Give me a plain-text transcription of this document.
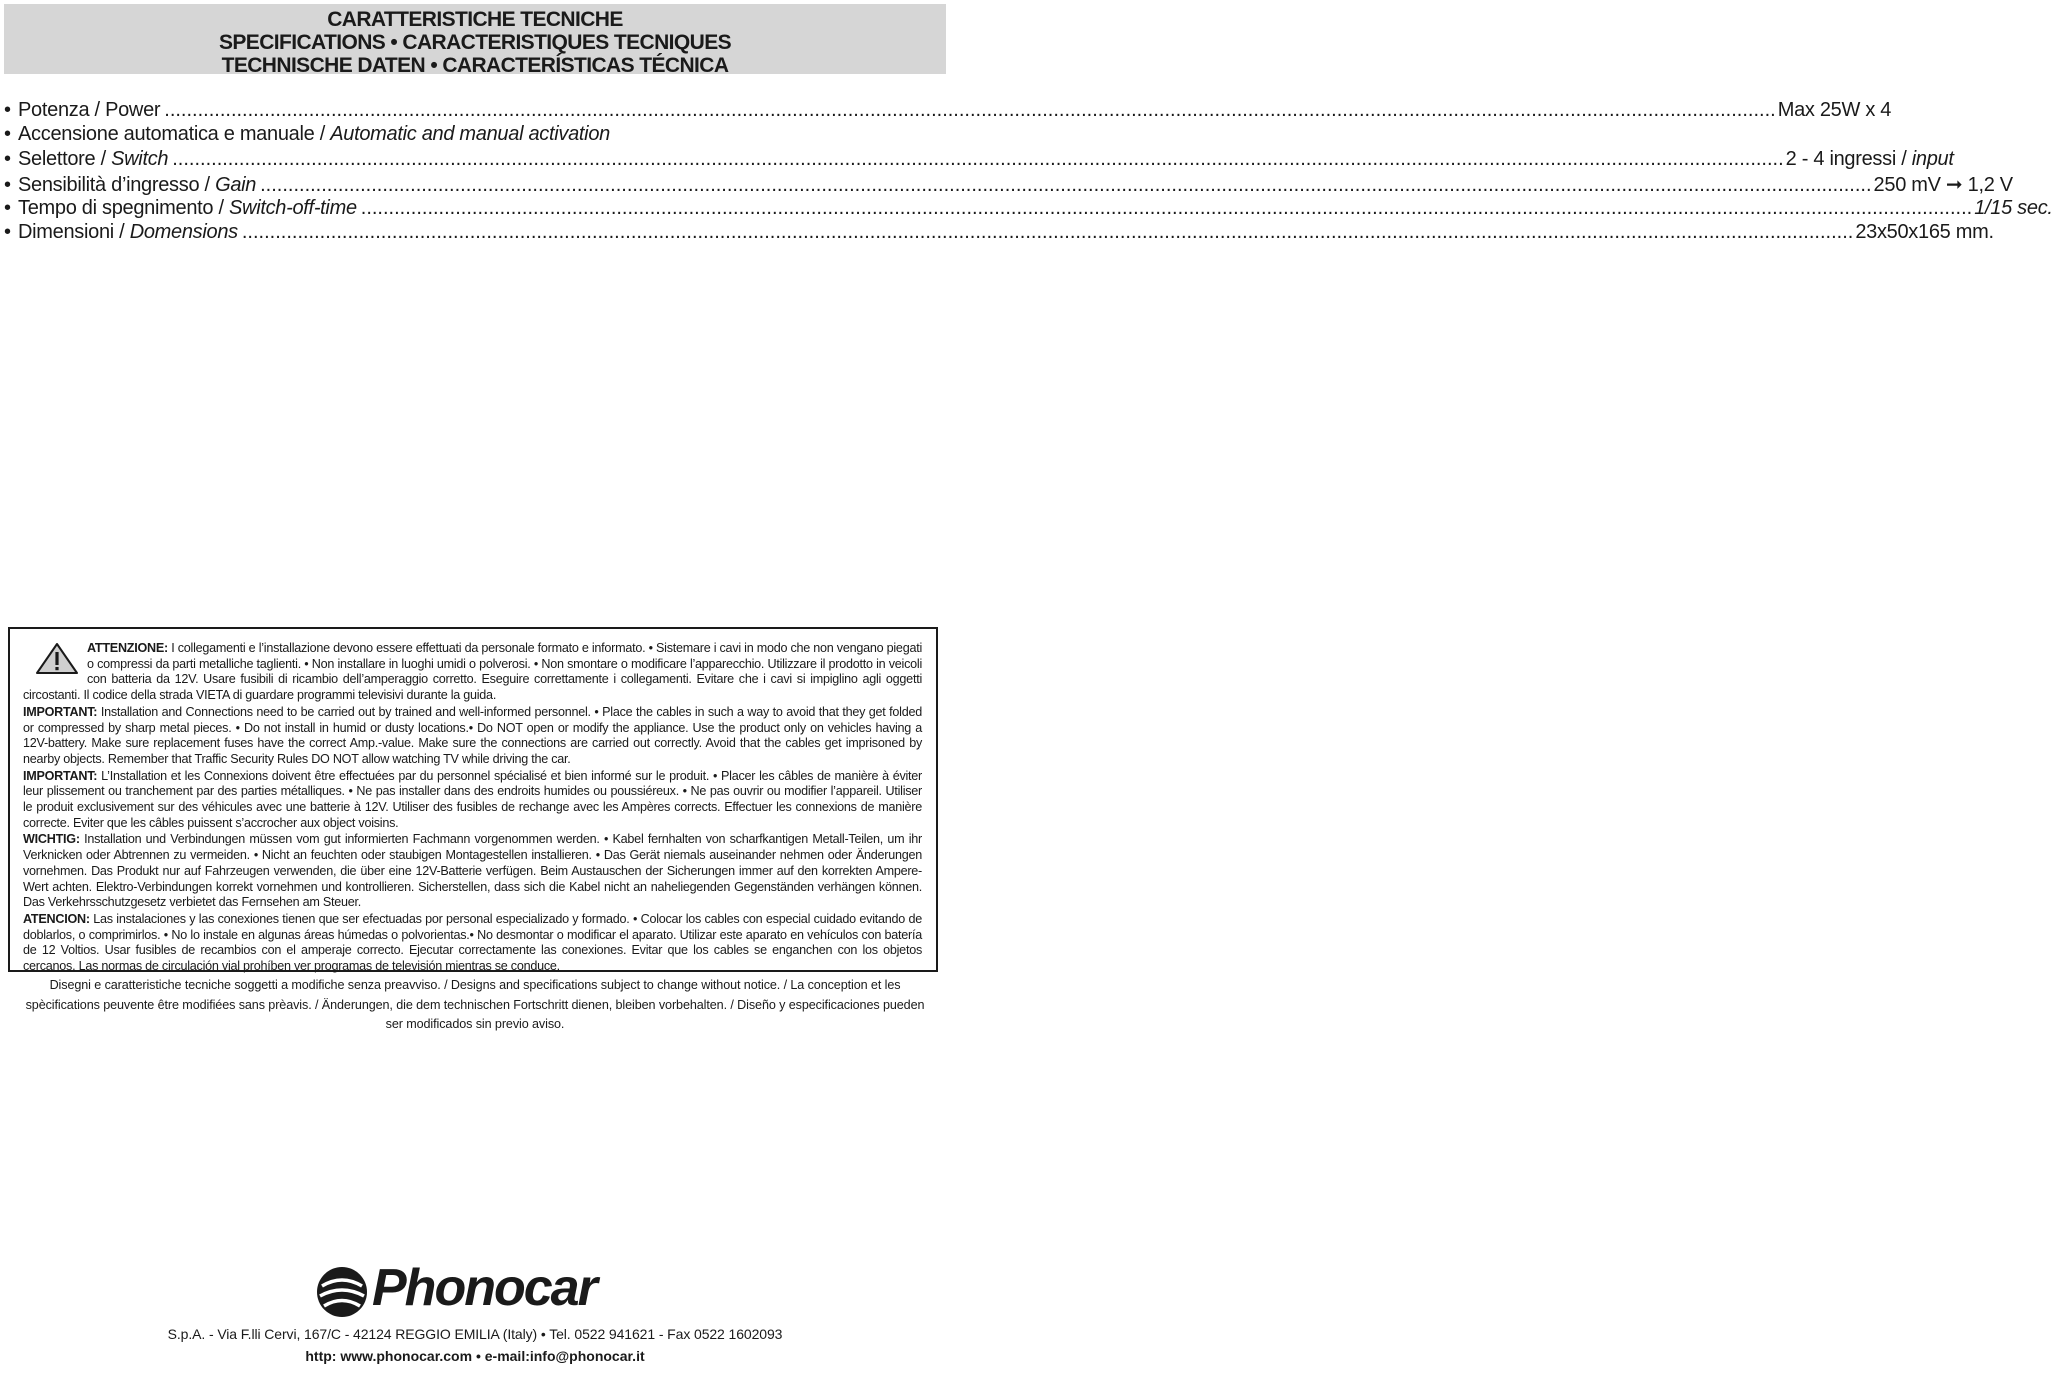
CARATTERISTICHE TECNICHE
SPECIFICATIONS • CARACTERISTIQUES TECNIQUES
TECHNISCHE DATEN • CARACTERÍSTICAS TÉCNICA
• Potenza / Power .................................................................................................................................................................................................................................................................................................. Max 25W x 4
• Accensione automatica e manuale / Automatic and manual activation
• Selettore / Switch .................................................................................................................................................................................................................................................................................................. 2 - 4 ingressi / input
• Sensibilità d’ingresso / Gain .................................................................................................................................................................................................................................................................................................. 250 mV ➞ 1,2 V
• Tempo di spegnimento / Switch-off-time .................................................................................................................................................................................................................................................................................................. 1/15 sec.
• Dimensioni / Domensions .................................................................................................................................................................................................................................................................................................. 23x50x165 mm.

ATTENZIONE: I collegamenti e l’installazione devono essere effettuati da personale formato e informato. • Sistemare i cavi in modo che non vengano piegati o compressi da parti metalliche taglienti. • Non installare in luoghi umidi o polverosi. • Non smontare o modificare l’apparecchio. Utilizzare il prodotto in veicoli con batteria da 12V. Usare fusibili di ricambio dell’amperaggio corretto. Eseguire correttamente i collegamenti. Evitare che i cavi si impiglino agli oggetti circostanti. Il codice della strada VIETA di guardare programmi televisivi durante la guida.

IMPORTANT: Installation and Connections need to be carried out by trained and well-informed personnel. • Place the cables in such a way to avoid that they get folded or compressed by sharp metal pieces. • Do not install in humid or dusty locations.• Do NOT open or modify the appliance. Use the product only on vehicles having a 12V-battery. Make sure replacement fuses have the correct Amp.-value. Make sure the connections are carried out correctly. Avoid that the cables get imprisoned by nearby objects. Remember that Traffic Security Rules DO NOT allow watching TV while driving the car.

IMPORTANT: L’Installation et les Connexions doivent être effectuées par du personnel spécialisé et bien informé sur le produit. • Placer les câbles de manière à éviter leur plissement ou tranchement par des parties métalliques. • Ne pas installer dans des endroits humides ou poussiéreux. • Ne pas ouvrir ou modifier l’appareil. Utiliser le produit exclusivement sur des véhicules avec une batterie à 12V. Utiliser des fusibles de rechange avec les Ampères corrects. Effectuer les connexions de manière correcte. Eviter que les câbles puissent s’accrocher aux object voisins.

WICHTIG: Installation und Verbindungen müssen vom gut informierten Fachmann vorgenommen werden. • Kabel fernhalten von scharfkantigen Metall-Teilen, um ihr Verknicken oder Abtrennen zu vermeiden. • Nicht an feuchten oder staubigen Montagestellen installieren. • Das Gerät niemals auseinander nehmen oder Änderungen vornehmen. Das Produkt nur auf Fahrzeugen verwenden, die über eine 12V-Batterie verfügen. Beim Austauschen der Sicherungen immer auf den korrekten Ampere-Wert achten. Elektro-Verbindungen korrekt vornehmen und kontrollieren. Sicherstellen, dass sich die Kabel nicht an naheliegenden Gegenständen verhängen können. Das Verkehrsschutzgesetz verbietet das Fernsehen am Steuer.

ATENCION: Las instalaciones y las conexiones tienen que ser efectuadas por personal especializado y formado. • Colocar los cables con especial cuidado evitando de doblarlos, o comprimirlos. • No lo instale en algunas áreas húmedas o polvorientas.• No desmontar o modificar el aparato. Utilizar este aparato en vehículos con batería de 12 Voltios. Usar fusibles de recambios con el amperaje correcto. Ejecutar correctamente las conexiones. Evitar que los cables se enganchen con los objetos cercanos. Las normas de circulación vial prohíben ver programas de televisión mientras se conduce.

Disegni e caratteristiche tecniche soggetti a modifiche senza preavviso. / Designs and specifications subject to change without notice. / La conception et les spècifications peuvente être modifiées sans prèavis. / Änderungen, die dem technischen Fortschritt dienen, bleiben vorbehalten. / Diseño y especificaciones pueden ser modificados sin previo aviso.
Phonocar
S.p.A. - Via F.lli Cervi, 167/C - 42124 REGGIO EMILIA (Italy) • Tel. 0522 941621 - Fax 0522 1602093
http: www.phonocar.com • e-mail:info@phonocar.it
